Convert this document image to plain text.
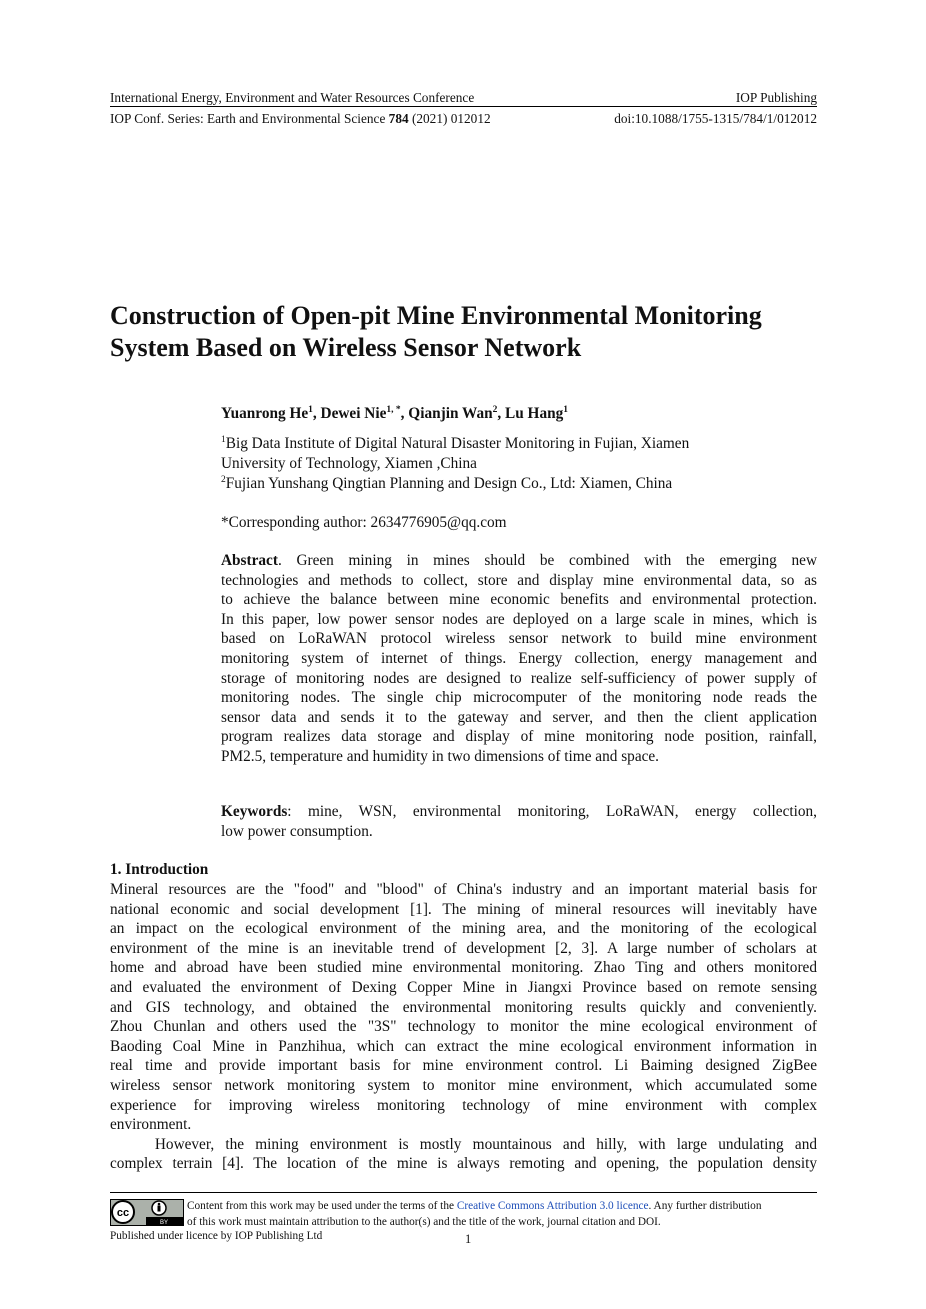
International Energy, Environment and Water Resources Conference	IOP Publishing
IOP Conf. Series: Earth and Environmental Science 784 (2021) 012012	doi:10.1088/1755-1315/784/1/012012
Construction of Open-pit Mine Environmental Monitoring
System Based on Wireless Sensor Network
Yuanrong He$^1$, Dewei Nie$^{1, *}$, Qianjin Wan$^2$, Lu Hang$^1$
$^1$Big Data Institute of Digital Natural Disaster Monitoring in Fujian, Xiamen
University of Technology, Xiamen ,China
$^2$Fujian Yunshang Qingtian Planning and Design Co., Ltd: Xiamen, China
*Corresponding author: 2634776905@qq.com
Abstract. Green mining in mines should be combined with the emerging new
technologies and methods to collect, store and display mine environmental data, so as
to achieve the balance between mine economic benefits and environmental protection.
In this paper, low power sensor nodes are deployed on a large scale in mines, which is
based on LoRaWAN protocol wireless sensor network to build mine environment
monitoring system of internet of things. Energy collection, energy management and
storage of monitoring nodes are designed to realize self-sufficiency of power supply of
monitoring nodes. The single chip microcomputer of the monitoring node reads the
sensor data and sends it to the gateway and server, and then the client application
program realizes data storage and display of mine monitoring node position, rainfall,
PM2.5, temperature and humidity in two dimensions of time and space.
Keywords: mine, WSN, environmental monitoring, LoRaWAN, energy collection,
low power consumption.
1. Introduction
Mineral resources are the "food" and "blood" of China's industry and an important material basis for
national economic and social development [1]. The mining of mineral resources will inevitably have
an impact on the ecological environment of the mining area, and the monitoring of the ecological
environment of the mine is an inevitable trend of development [2, 3]. A large number of scholars at
home and abroad have been studied mine environmental monitoring. Zhao Ting and others monitored
and evaluated the environment of Dexing Copper Mine in Jiangxi Province based on remote sensing
and GIS technology, and obtained the environmental monitoring results quickly and conveniently.
Zhou Chunlan and others used the "3S" technology to monitor the mine ecological environment of
Baoding Coal Mine in Panzhihua, which can extract the mine ecological environment information in
real time and provide important basis for mine environment control. Li Baiming designed ZigBee
wireless sensor network monitoring system to monitor mine environment, which accumulated some
experience for improving wireless monitoring technology of mine environment with complex
environment.
However, the mining environment is mostly mountainous and hilly, with large undulating and
complex terrain [4]. The location of the mine is always remoting and opening, the population density
cc
BY
Content from this work may be used under the terms of the Creative Commons Attribution 3.0 licence. Any further distribution
of this work must maintain attribution to the author(s) and the title of the work, journal citation and DOI.
Published under licence by IOP Publishing Ltd	1
